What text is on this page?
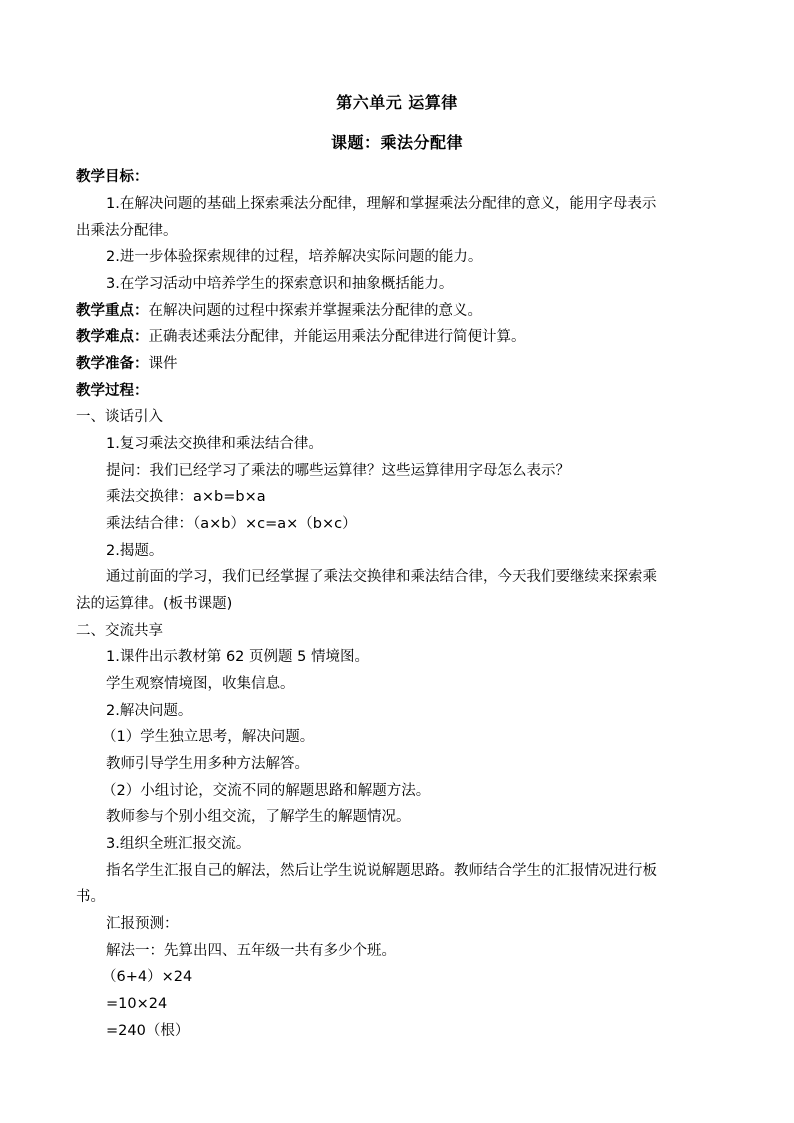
第六单元 运算律
课题：乘法分配律
教学目标：
1.在解决问题的基础上探索乘法分配律，理解和掌握乘法分配律的意义，能用字母表示
出乘法分配律。
2.进一步体验探索规律的过程，培养解决实际问题的能力。
3.在学习活动中培养学生的探索意识和抽象概括能力。
教学重点：在解决问题的过程中探索并掌握乘法分配律的意义。
教学难点：正确表述乘法分配律，并能运用乘法分配律进行简便计算。
教学准备：课件
教学过程：
一、谈话引入
1.复习乘法交换律和乘法结合律。
提问：我们已经学习了乘法的哪些运算律？这些运算律用字母怎么表示？
乘法交换律：a×b=b×a
乘法结合律：（a×b）×c=a×（b×c）
2.揭题。
通过前面的学习，我们已经掌握了乘法交换律和乘法结合律，今天我们要继续来探索乘
法的运算律。(板书课题)
二、交流共享
1.课件出示教材第 62 页例题 5 情境图。
学生观察情境图，收集信息。
2.解决问题。
（1）学生独立思考，解决问题。
教师引导学生用多种方法解答。
（2）小组讨论，交流不同的解题思路和解题方法。
教师参与个别小组交流，了解学生的解题情况。
3.组织全班汇报交流。
指名学生汇报自己的解法，然后让学生说说解题思路。教师结合学生的汇报情况进行板
书。
汇报预测：
解法一：先算出四、五年级一共有多少个班。
（6+4）×24
=10×24
=240（根）
